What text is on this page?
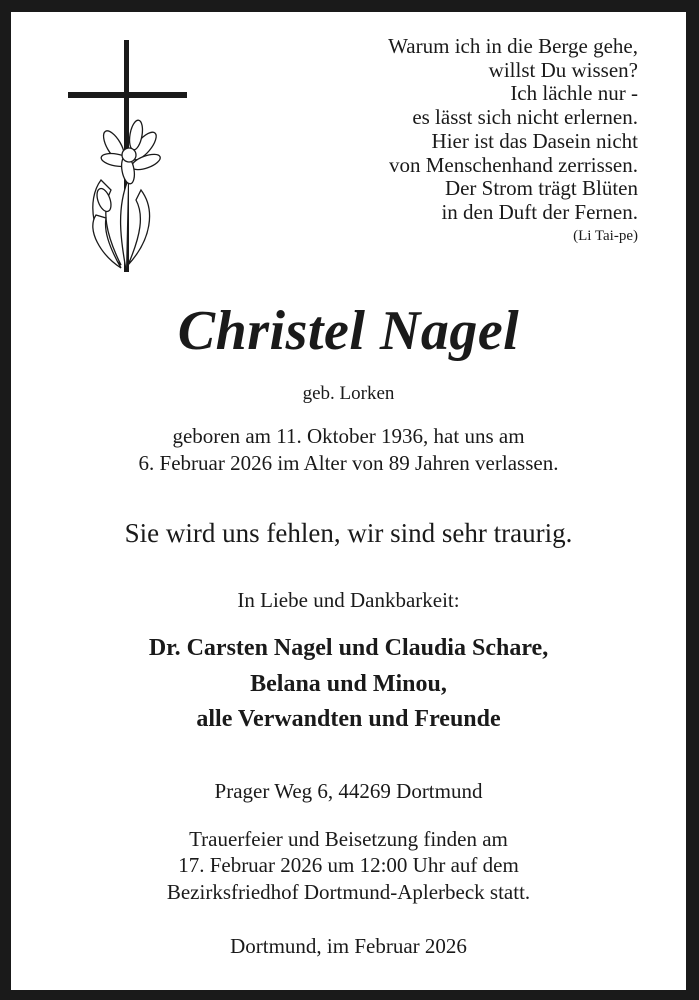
Warum ich in die Berge gehe,
willst Du wissen?
Ich lächle nur -
es lässt sich nicht erlernen.
Hier ist das Dasein nicht
von Menschenhand zerrissen.
Der Strom trägt Blüten
in den Duft der Fernen.
(Li Tai-pe)
Christel Nagel
geb. Lorken
geboren am 11. Oktober 1936, hat uns am
6. Februar 2026 im Alter von 89 Jahren verlassen.
Sie wird uns fehlen, wir sind sehr traurig.
In Liebe und Dankbarkeit:
Dr. Carsten Nagel und Claudia Schare,
Belana und Minou,
alle Verwandten und Freunde
Prager Weg 6, 44269 Dortmund
Trauerfeier und Beisetzung finden am
17. Februar 2026 um 12:00 Uhr auf dem
Bezirksfriedhof Dortmund-Aplerbeck statt.
Dortmund, im Februar 2026
